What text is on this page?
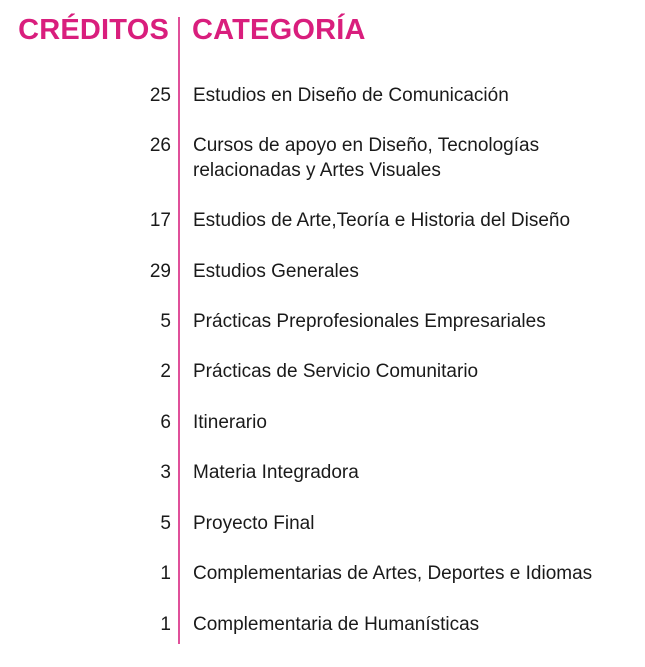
CRÉDITOS CATEGORÍA
25 Estudios en Diseño de Comunicación
26 Cursos de apoyo en Diseño, Tecnologías relacionadas y Artes Visuales
17 Estudios de Arte,Teoría e Historia del Diseño
29 Estudios Generales
5 Prácticas Preprofesionales Empresariales
2 Prácticas de Servicio Comunitario
6 Itinerario
3 Materia Integradora
5 Proyecto Final
1 Complementarias de Artes, Deportes e Idiomas
1 Complementaria de Humanísticas
